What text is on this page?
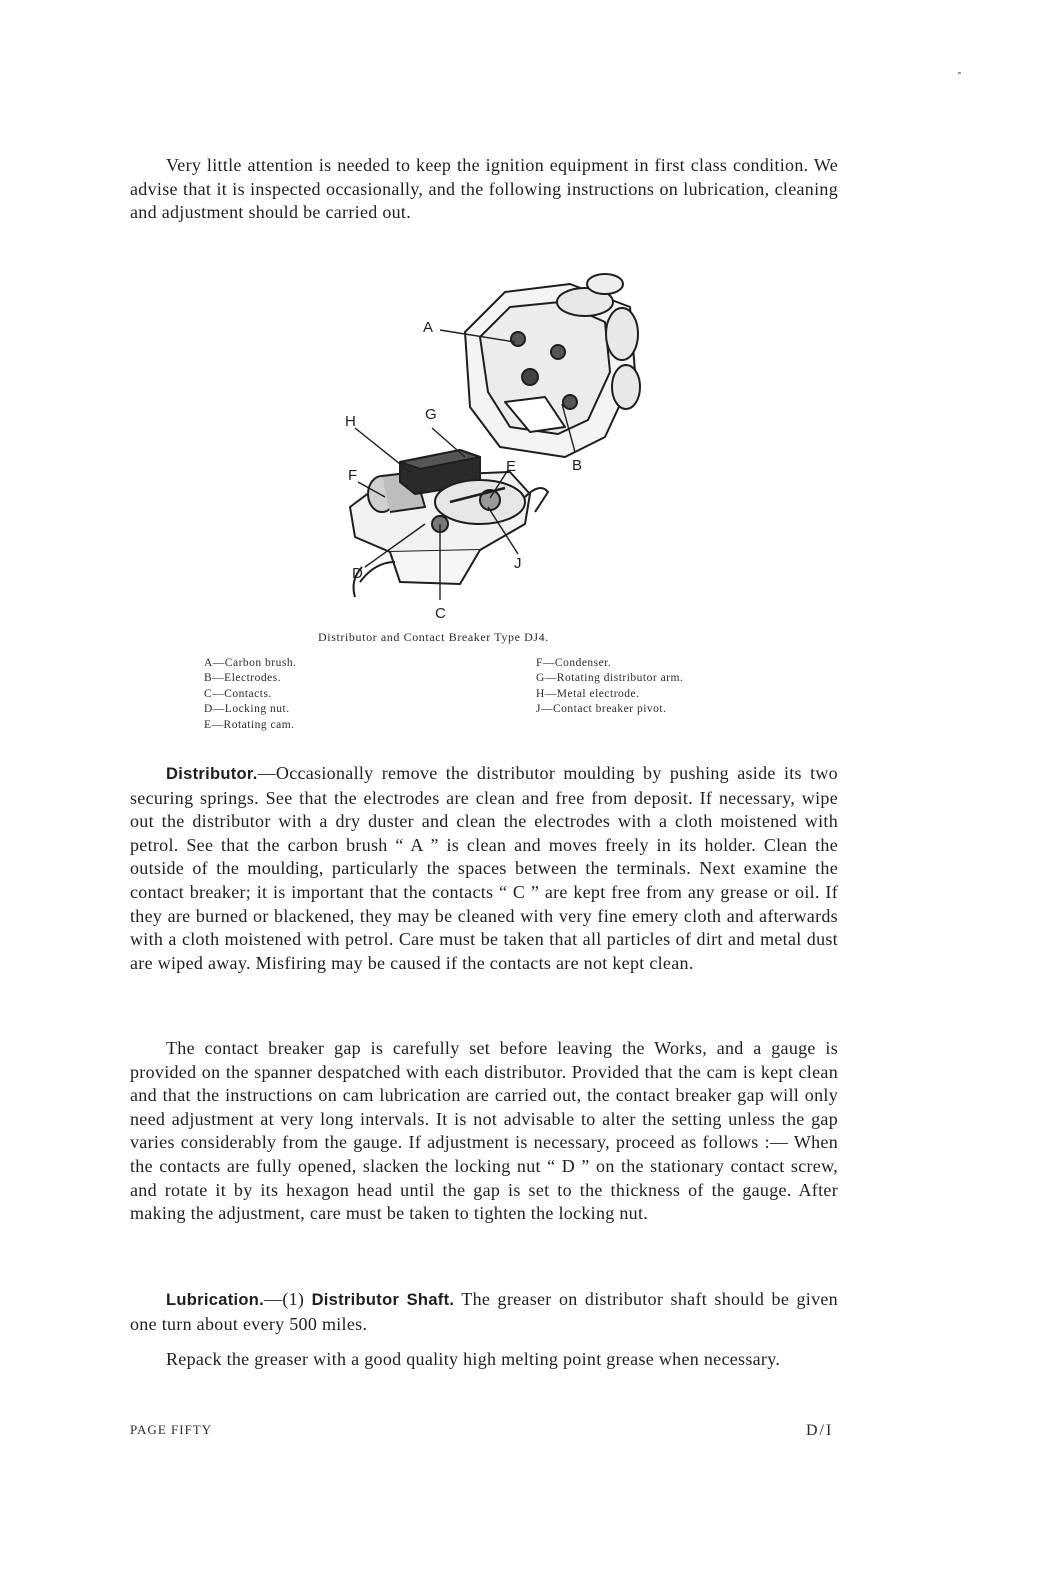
Very little attention is needed to keep the ignition equipment in first class condition. We advise that it is inspected occasionally, and the following instructions on lubrication, cleaning and adjustment should be carried out.

A
B
C
D
E
F
G
H
J
Distributor and Contact Breaker Type DJ4.
A—Carbon brush.
B—Electrodes.
C—Contacts.
D—Locking nut.
E—Rotating cam.
F—Condenser.
G—Rotating distributor arm.
H—Metal electrode.
J—Contact breaker pivot.

Distributor.—Occasionally remove the distributor moulding by pushing aside its two securing springs. See that the electrodes are clean and free from deposit. If necessary, wipe out the distributor with a dry duster and clean the electrodes with a cloth moistened with petrol. See that the carbon brush “ A ” is clean and moves freely in its holder. Clean the outside of the moulding, particularly the spaces between the terminals. Next examine the contact breaker; it is important that the contacts “ C ” are kept free from any grease or oil. If they are burned or blackened, they may be cleaned with very fine emery cloth and afterwards with a cloth moistened with petrol. Care must be taken that all particles of dirt and metal dust are wiped away. Misfiring may be caused if the contacts are not kept clean.

The contact breaker gap is carefully set before leaving the Works, and a gauge is provided on the spanner despatched with each distributor. Provided that the cam is kept clean and that the instructions on cam lubrication are carried out, the contact breaker gap will only need adjustment at very long intervals. It is not advisable to alter the setting unless the gap varies considerably from the gauge. If adjustment is necessary, proceed as follows :— When the contacts are fully opened, slacken the locking nut “ D ” on the stationary contact screw, and rotate it by its hexagon head until the gap is set to the thickness of the gauge. After making the adjustment, care must be taken to tighten the locking nut.

Lubrication.—(1) Distributor Shaft. The greaser on distributor shaft should be given one turn about every 500 miles.

Repack the greaser with a good quality high melting point grease when necessary.

PAGE FIFTY	D/I
